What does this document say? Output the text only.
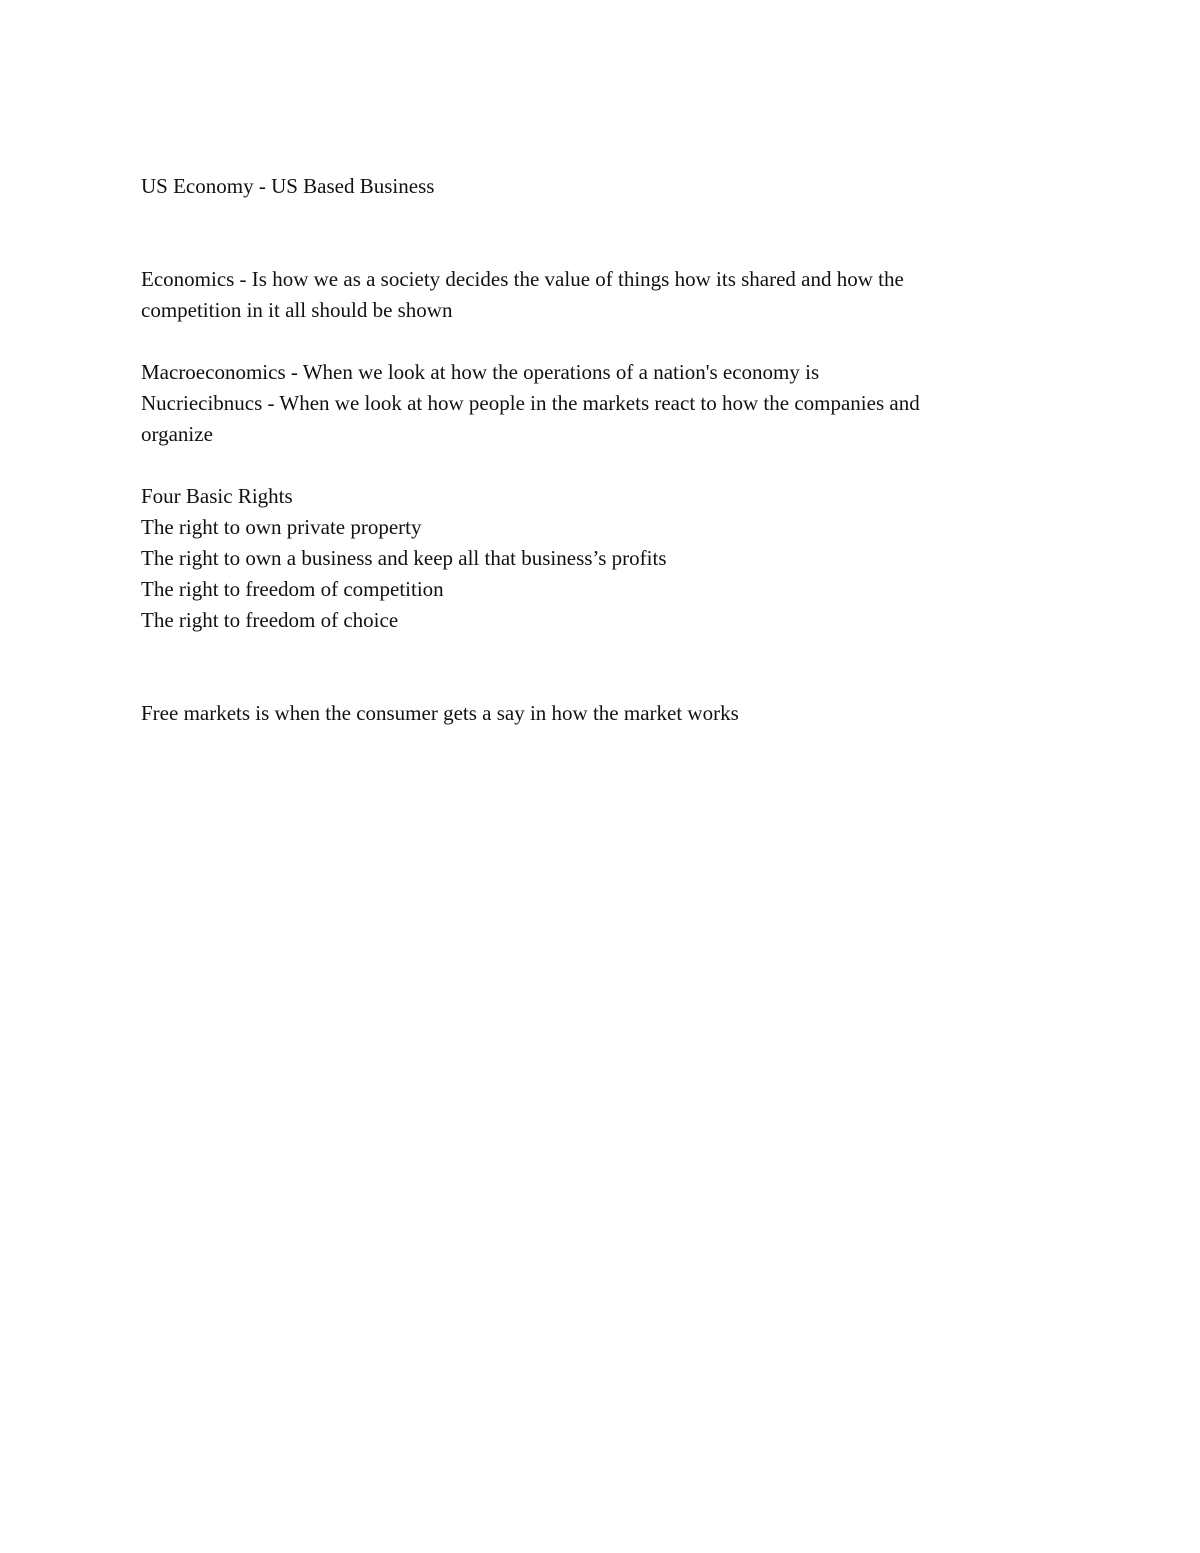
US Economy - US Based Business
Economics - Is how we as a society decides the value of things how its shared and how the
competition in it all should be shown
Macroeconomics - When we look at how the operations of a nation's economy is
Nucriecibnucs - When we look at how people in the markets react to how the companies and
organize
Four Basic Rights
The right to own private property
The right to own a business and keep all that business’s profits
The right to freedom of competition
The right to freedom of choice
Free markets is when the consumer gets a say in how the market works
